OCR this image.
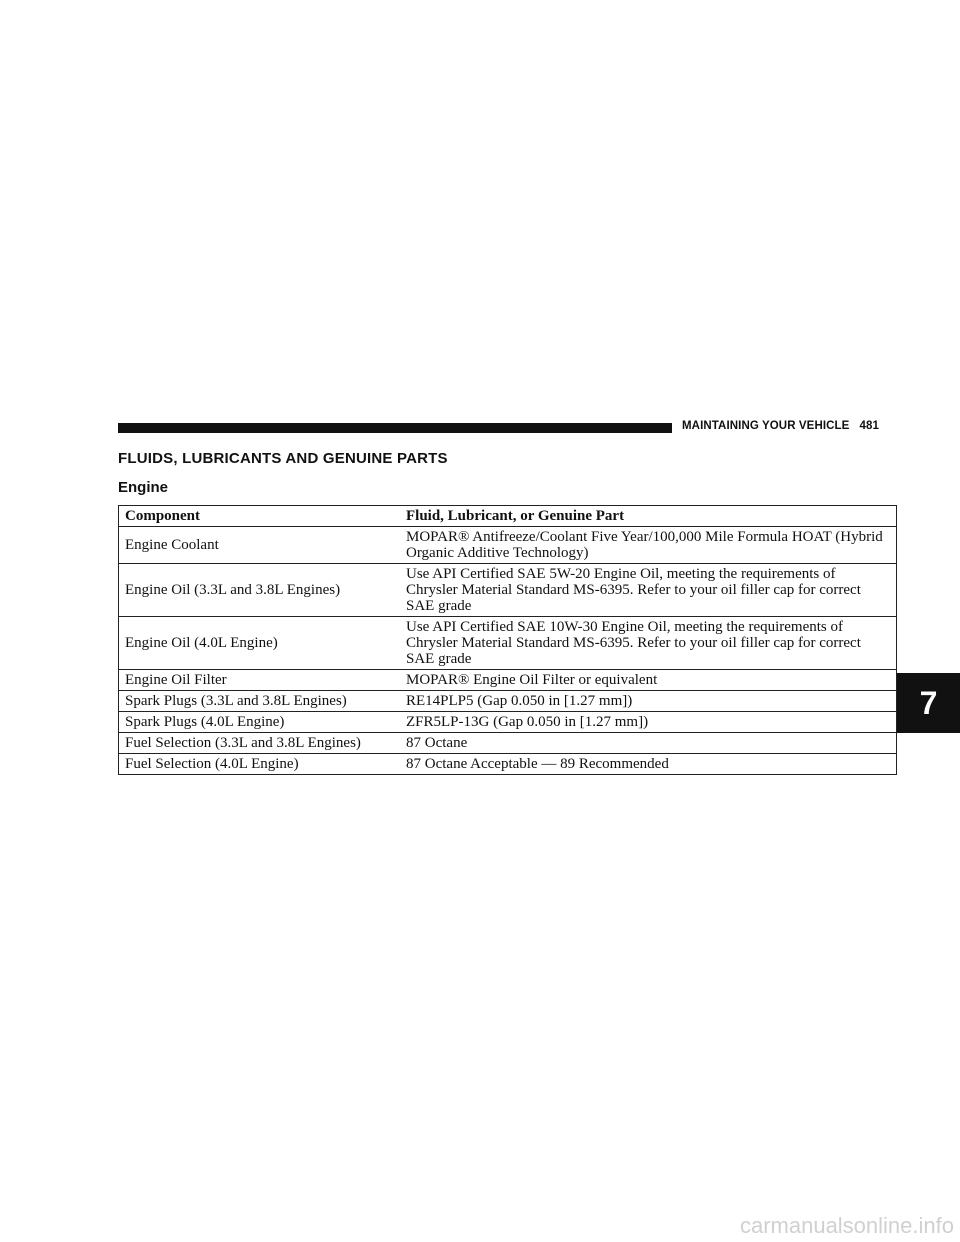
MAINTAINING YOUR VEHICLE 481
FLUIDS, LUBRICANTS AND GENUINE PARTS
Engine
Component	Fluid, Lubricant, or Genuine Part
Engine Coolant	MOPAR® Antifreeze/Coolant Five Year/100,000 Mile Formula HOAT (Hybrid Organic Additive Technology)
Engine Oil (3.3L and 3.8L Engines)	Use API Certified SAE 5W-20 Engine Oil, meeting the requirements of Chrysler Material Standard MS-6395. Refer to your oil filler cap for correct SAE grade
Engine Oil (4.0L Engine)	Use API Certified SAE 10W-30 Engine Oil, meeting the requirements of Chrysler Material Standard MS-6395. Refer to your oil filler cap for correct SAE grade
Engine Oil Filter	MOPAR® Engine Oil Filter or equivalent
Spark Plugs (3.3L and 3.8L Engines)	RE14PLP5 (Gap 0.050 in [1.27 mm])
Spark Plugs (4.0L Engine)	ZFR5LP-13G (Gap 0.050 in [1.27 mm])
Fuel Selection (3.3L and 3.8L Engines)	87 Octane
Fuel Selection (4.0L Engine)	87 Octane Acceptable — 89 Recommended
7
carmanualsonline.info
